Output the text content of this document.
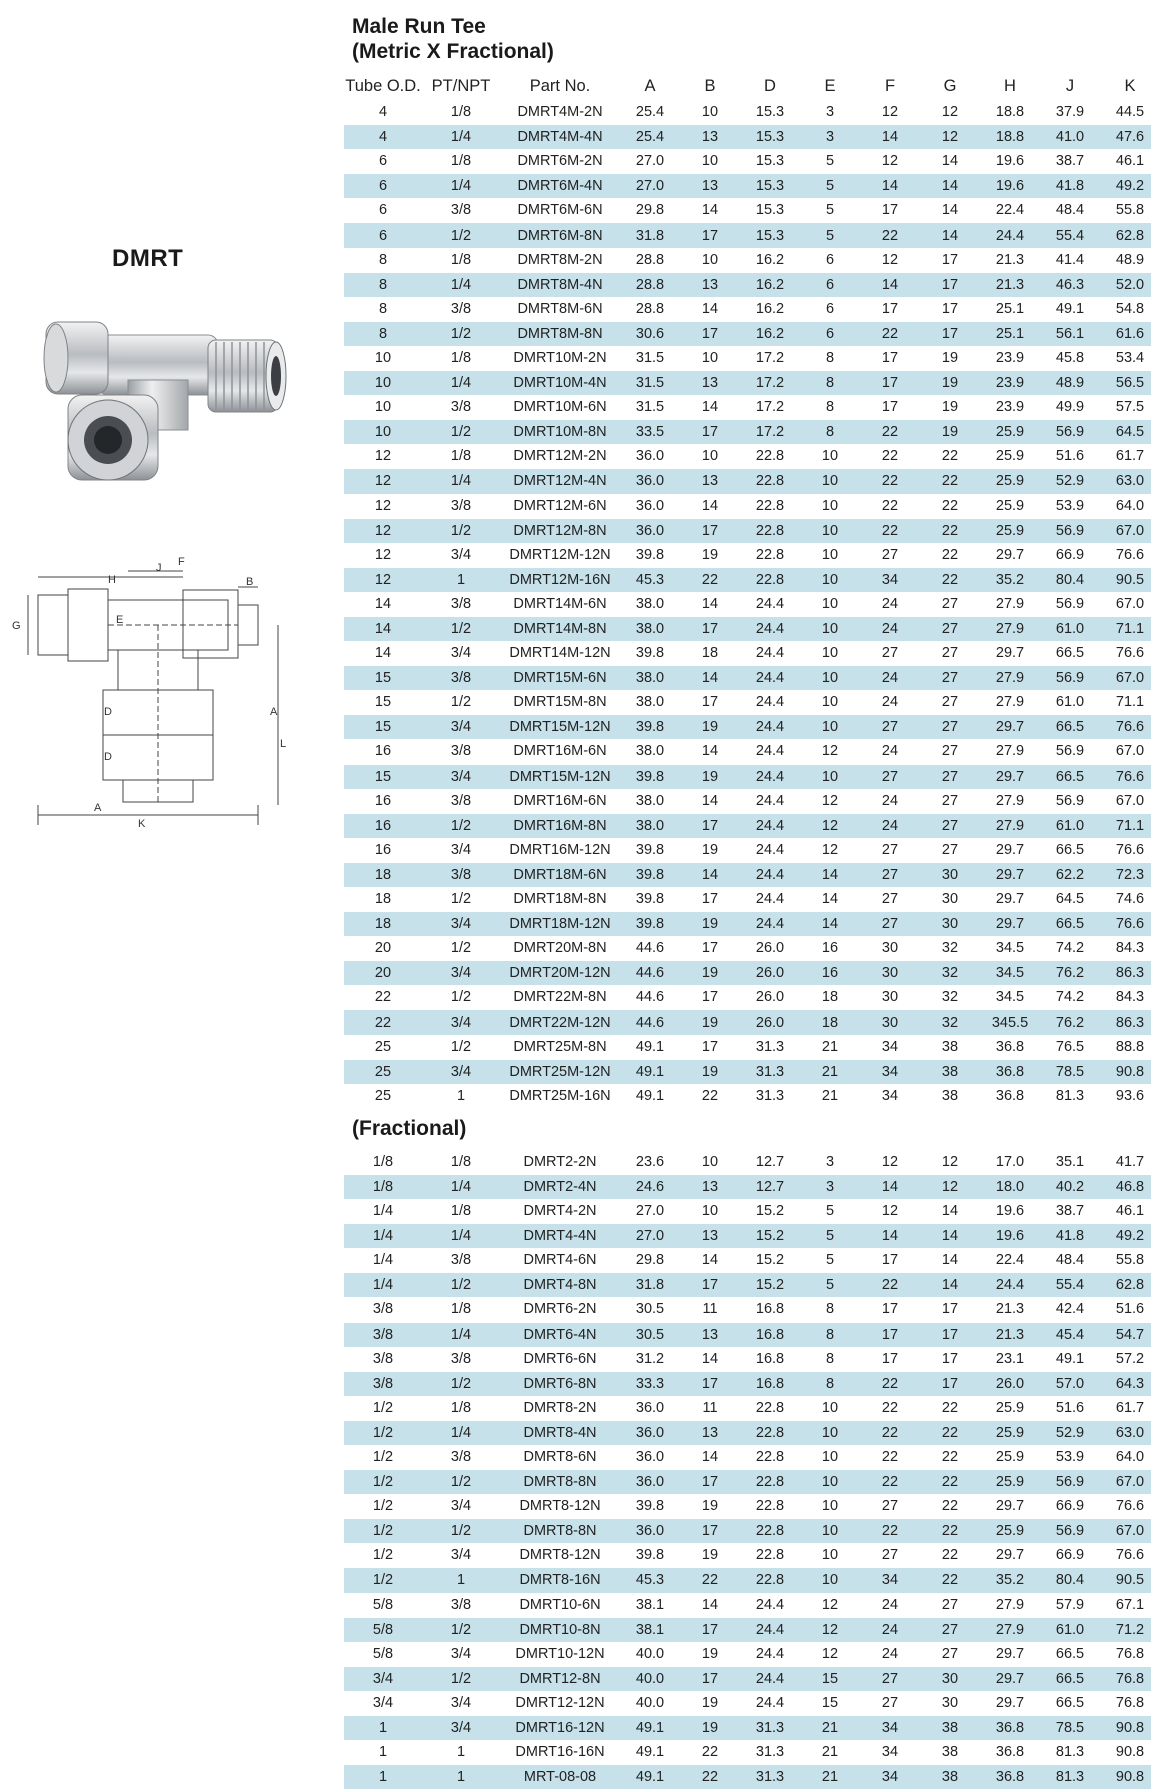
DMRT
J F
H	B
E
G
A
D
D
A
K
L
Male Run Tee
(Metric X Fractional)
Tube O.D. PT/NPT	Part No.	A	B	D	E	F	G	H	J	K
4	1/8	DMRT4M-2N	25.4	10	15.3	3	12	12	18.8	37.9	44.5
4	1/4	DMRT4M-4N	25.4	13	15.3	3	14	12	18.8	41.0	47.6
6	1/8	DMRT6M-2N	27.0	10	15.3	5	12	14	19.6	38.7	46.1
6	1/4	DMRT6M-4N	27.0	13	15.3	5	14	14	19.6	41.8	49.2
6	3/8	DMRT6M-6N	29.8	14	15.3	5	17	14	22.4	48.4	55.8
6	1/2	DMRT6M-8N	31.8	17	15.3	5	22	14	24.4	55.4	62.8
8	1/8	DMRT8M-2N	28.8	10	16.2	6	12	17	21.3	41.4	48.9
8	1/4	DMRT8M-4N	28.8	13	16.2	6	14	17	21.3	46.3	52.0
8	3/8	DMRT8M-6N	28.8	14	16.2	6	17	17	25.1	49.1	54.8
8	1/2	DMRT8M-8N	30.6	17	16.2	6	22	17	25.1	56.1	61.6
10	1/8	DMRT10M-2N	31.5	10	17.2	8	17	19	23.9	45.8	53.4
10	1/4	DMRT10M-4N	31.5	13	17.2	8	17	19	23.9	48.9	56.5
10	3/8	DMRT10M-6N	31.5	14	17.2	8	17	19	23.9	49.9	57.5
10	1/2	DMRT10M-8N	33.5	17	17.2	8	22	19	25.9	56.9	64.5
12	1/8	DMRT12M-2N	36.0	10	22.8	10	22	22	25.9	51.6	61.7
12	1/4	DMRT12M-4N	36.0	13	22.8	10	22	22	25.9	52.9	63.0
12	3/8	DMRT12M-6N	36.0	14	22.8	10	22	22	25.9	53.9	64.0
12	1/2	DMRT12M-8N	36.0	17	22.8	10	22	22	25.9	56.9	67.0
12	3/4	DMRT12M-12N	39.8	19	22.8	10	27	22	29.7	66.9	76.6
12	1	DMRT12M-16N	45.3	22	22.8	10	34	22	35.2	80.4	90.5
14	3/8	DMRT14M-6N	38.0	14	24.4	10	24	27	27.9	56.9	67.0
14	1/2	DMRT14M-8N	38.0	17	24.4	10	24	27	27.9	61.0	71.1
14	3/4	DMRT14M-12N	39.8	18	24.4	10	27	27	29.7	66.5	76.6
15	3/8	DMRT15M-6N	38.0	14	24.4	10	24	27	27.9	56.9	67.0
15	1/2	DMRT15M-8N	38.0	17	24.4	10	24	27	27.9	61.0	71.1
15	3/4	DMRT15M-12N	39.8	19	24.4	10	27	27	29.7	66.5	76.6
16	3/8	DMRT16M-6N	38.0	14	24.4	12	24	27	27.9	56.9	67.0
15	3/4	DMRT15M-12N	39.8	19	24.4	10	27	27	29.7	66.5	76.6
16	3/8	DMRT16M-6N	38.0	14	24.4	12	24	27	27.9	56.9	67.0
16	1/2	DMRT16M-8N	38.0	17	24.4	12	24	27	27.9	61.0	71.1
16	3/4	DMRT16M-12N	39.8	19	24.4	12	27	27	29.7	66.5	76.6
18	3/8	DMRT18M-6N	39.8	14	24.4	14	27	30	29.7	62.2	72.3
18	1/2	DMRT18M-8N	39.8	17	24.4	14	27	30	29.7	64.5	74.6
18	3/4	DMRT18M-12N	39.8	19	24.4	14	27	30	29.7	66.5	76.6
20	1/2	DMRT20M-8N	44.6	17	26.0	16	30	32	34.5	74.2	84.3
20	3/4	DMRT20M-12N	44.6	19	26.0	16	30	32	34.5	76.2	86.3
22	1/2	DMRT22M-8N	44.6	17	26.0	18	30	32	34.5	74.2	84.3
22	3/4	DMRT22M-12N	44.6	19	26.0	18	30	32	345.5	76.2	86.3
25	1/2	DMRT25M-8N	49.1	17	31.3	21	34	38	36.8	76.5	88.8
25	3/4	DMRT25M-12N	49.1	19	31.3	21	34	38	36.8	78.5	90.8
25	1	DMRT25M-16N	49.1	22	31.3	21	34	38	36.8	81.3	93.6
(Fractional)
1/8	1/8	DMRT2-2N	23.6	10	12.7	3	12	12	17.0	35.1	41.7
1/8	1/4	DMRT2-4N	24.6	13	12.7	3	14	12	18.0	40.2	46.8
1/4	1/8	DMRT4-2N	27.0	10	15.2	5	12	14	19.6	38.7	46.1
1/4	1/4	DMRT4-4N	27.0	13	15.2	5	14	14	19.6	41.8	49.2
1/4	3/8	DMRT4-6N	29.8	14	15.2	5	17	14	22.4	48.4	55.8
1/4	1/2	DMRT4-8N	31.8	17	15.2	5	22	14	24.4	55.4	62.8
3/8	1/8	DMRT6-2N	30.5	11	16.8	8	17	17	21.3	42.4	51.6
3/8	1/4	DMRT6-4N	30.5	13	16.8	8	17	17	21.3	45.4	54.7
3/8	3/8	DMRT6-6N	31.2	14	16.8	8	17	17	23.1	49.1	57.2
3/8	1/2	DMRT6-8N	33.3	17	16.8	8	22	17	26.0	57.0	64.3
1/2	1/8	DMRT8-2N	36.0	11	22.8	10	22	22	25.9	51.6	61.7
1/2	1/4	DMRT8-4N	36.0	13	22.8	10	22	22	25.9	52.9	63.0
1/2	3/8	DMRT8-6N	36.0	14	22.8	10	22	22	25.9	53.9	64.0
1/2	1/2	DMRT8-8N	36.0	17	22.8	10	22	22	25.9	56.9	67.0
1/2	3/4	DMRT8-12N	39.8	19	22.8	10	27	22	29.7	66.9	76.6
1/2	1/2	DMRT8-8N	36.0	17	22.8	10	22	22	25.9	56.9	67.0
1/2	3/4	DMRT8-12N	39.8	19	22.8	10	27	22	29.7	66.9	76.6
1/2	1	DMRT8-16N	45.3	22	22.8	10	34	22	35.2	80.4	90.5
5/8	3/8	DMRT10-6N	38.1	14	24.4	12	24	27	27.9	57.9	67.1
5/8	1/2	DMRT10-8N	38.1	17	24.4	12	24	27	27.9	61.0	71.2
5/8	3/4	DMRT10-12N	40.0	19	24.4	12	24	27	29.7	66.5	76.8
3/4	1/2	DMRT12-8N	40.0	17	24.4	15	27	30	29.7	66.5	76.8
3/4	3/4	DMRT12-12N	40.0	19	24.4	15	27	30	29.7	66.5	76.8
1	3/4	DMRT16-12N	49.1	19	31.3	21	34	38	36.8	78.5	90.8
1	1	DMRT16-16N	49.1	22	31.3	21	34	38	36.8	81.3	90.8
1	1	MRT-08-08	49.1	22	31.3	21	34	38	36.8	81.3	90.8
